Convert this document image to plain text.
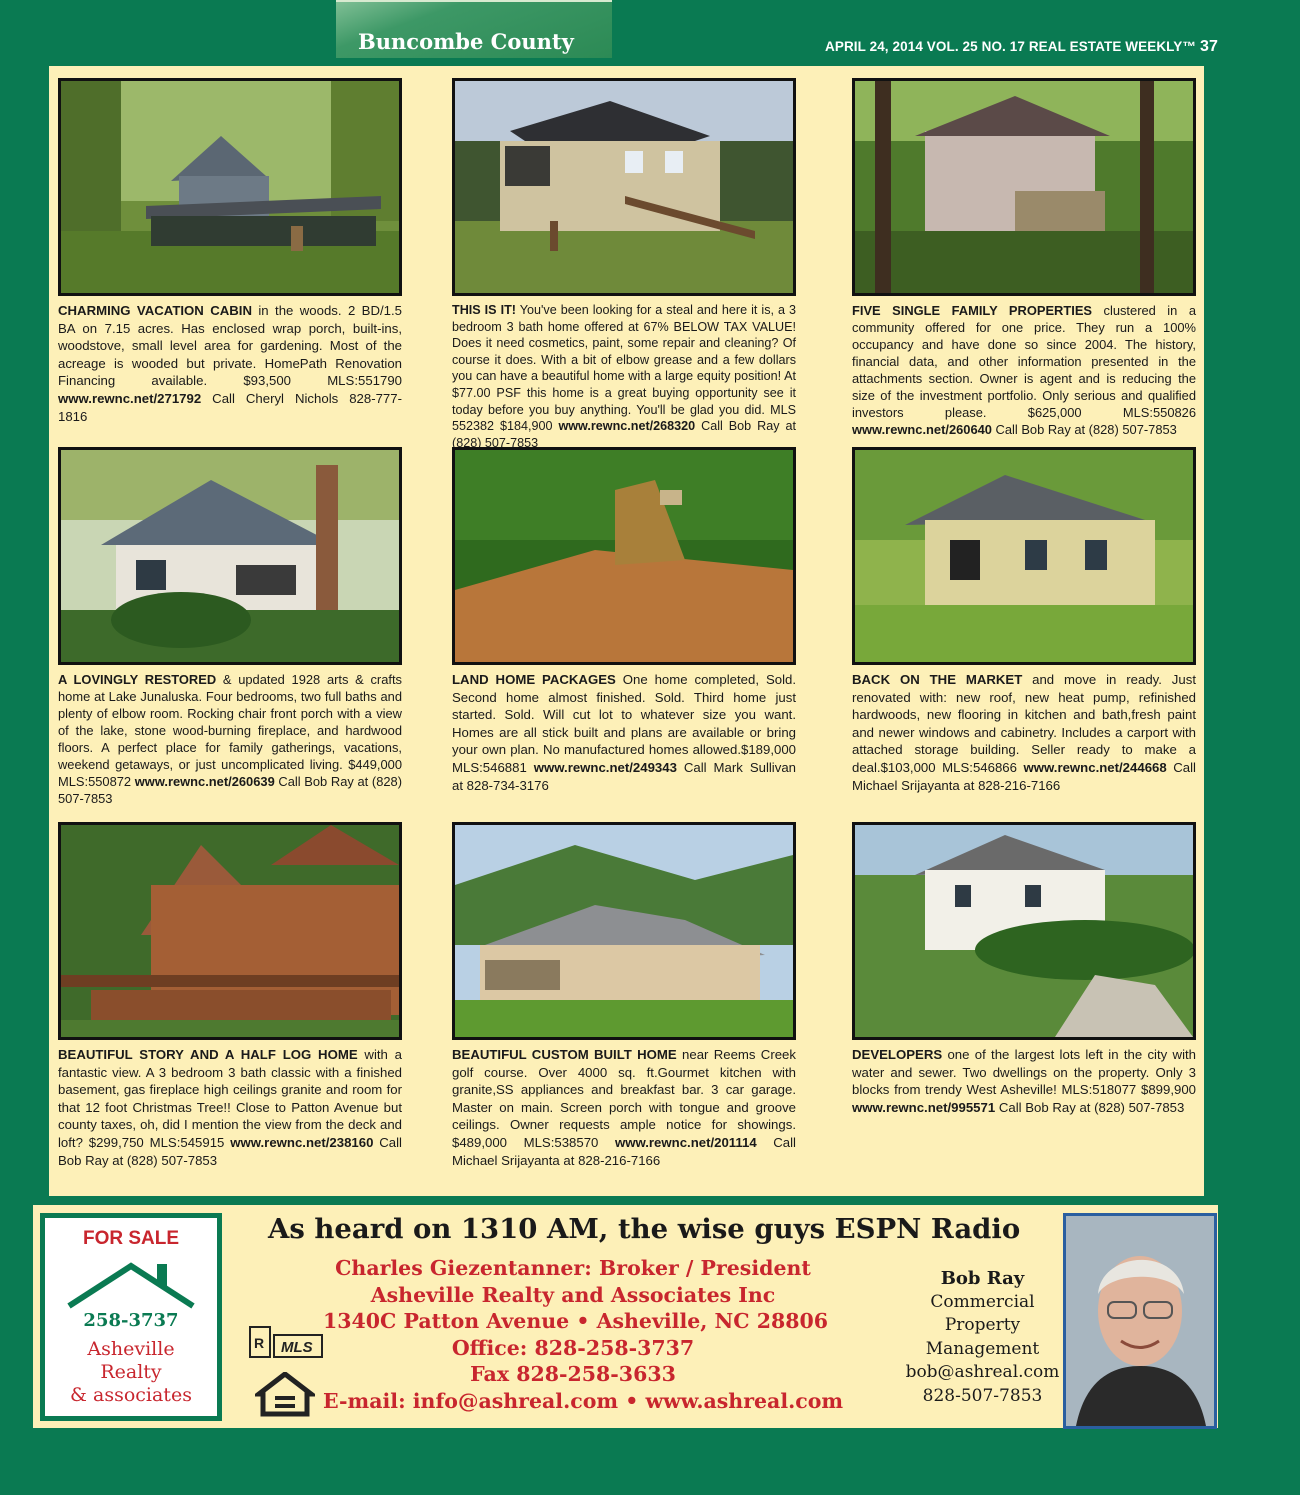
Buncombe County	APRIL 24, 2014 VOL. 25 NO. 17 REAL ESTATE WEEKLY™ 37
CHARMING VACATION CABIN in the woods. 2 BD/1.5 BA on 7.15 acres. Has enclosed wrap porch, built-ins, woodstove, small level area for gardening. Most of the acreage is wooded but private. HomePath Renovation Financing available. $93,500 MLS:551790 www.rewnc.net/271792 Call Cheryl Nichols 828-777-1816
THIS IS IT! You've been looking for a steal and here it is, a 3 bedroom 3 bath home offered at 67% BELOW TAX VALUE! Does it need cosmetics, paint, some repair and cleaning? Of course it does. With a bit of elbow grease and a few dollars you can have a beautiful home with a large equity position! At $77.00 PSF this home is a great buying opportunity see it today before you buy anything. You'll be glad you did. MLS 552382 $184,900 www.rewnc.net/268320 Call Bob Ray at (828) 507-7853
FIVE SINGLE FAMILY PROPERTIES clustered in a community offered for one price. They run a 100% occupancy and have done so since 2004. The history, financial data, and other information presented in the attachments section. Owner is agent and is reducing the size of the investment portfolio. Only serious and qualified investors please. $625,000 MLS:550826 www.rewnc.net/260640 Call Bob Ray at (828) 507-7853
A LOVINGLY RESTORED & updated 1928 arts & crafts home at Lake Junaluska. Four bedrooms, two full baths and plenty of elbow room. Rocking chair front porch with a view of the lake, stone wood-burning fireplace, and hardwood floors. A perfect place for family gatherings, vacations, weekend getaways, or just uncomplicated living. $449,000 MLS:550872 www.rewnc.net/260639 Call Bob Ray at (828) 507-7853
LAND HOME PACKAGES One home completed, Sold. Second home almost finished. Sold. Third home just started. Sold. Will cut lot to whatever size you want. Homes are all stick built and plans are available or bring your own plan. No manufactured homes allowed.$189,000 MLS:546881 www.rewnc.net/249343 Call Mark Sullivan at 828-734-3176
BACK ON THE MARKET and move in ready. Just renovated with: new roof, new heat pump, refinished hardwoods, new flooring in kitchen and bath,fresh paint and newer windows and cabinetry. Includes a carport with attached storage building. Seller ready to make a deal.$103,000 MLS:546866 www.rewnc.net/244668 Call Michael Srijayanta at 828-216-7166
BEAUTIFUL STORY AND A HALF LOG HOME with a fantastic view. A 3 bedroom 3 bath classic with a finished basement, gas fireplace high ceilings granite and room for that 12 foot Christmas Tree!! Close to Patton Avenue but county taxes, oh, did I mention the view from the deck and loft? $299,750 MLS:545915 www.rewnc.net/238160 Call Bob Ray at (828) 507-7853
BEAUTIFUL CUSTOM BUILT HOME near Reems Creek golf course. Over 4000 sq. ft.Gourmet kitchen with granite,SS appliances and breakfast bar. 3 car garage. Master on main. Screen porch with tongue and groove ceilings. Owner requests ample notice for showings. $489,000 MLS:538570 www.rewnc.net/201114 Call Michael Srijayanta at 828-216-7166
DEVELOPERS one of the largest lots left in the city with water and sewer. Two dwellings on the property. Only 3 blocks from trendy West Asheville! MLS:518077 $899,900 www.rewnc.net/995571 Call Bob Ray at (828) 507-7853
FOR SALE
258-3737
Asheville
Realty
& associates
As heard on 1310 AM, the wise guys ESPN Radio
Charles Giezentanner: Broker / President
Asheville Realty and Associates Inc
1340C Patton Avenue • Asheville, NC 28806
Office: 828-258-3737
Fax 828-258-3633
E-mail: info@ashreal.com • www.ashreal.com
R MLS
Bob Ray
Commercial
Property
Management
bob@ashreal.com
828-507-7853
